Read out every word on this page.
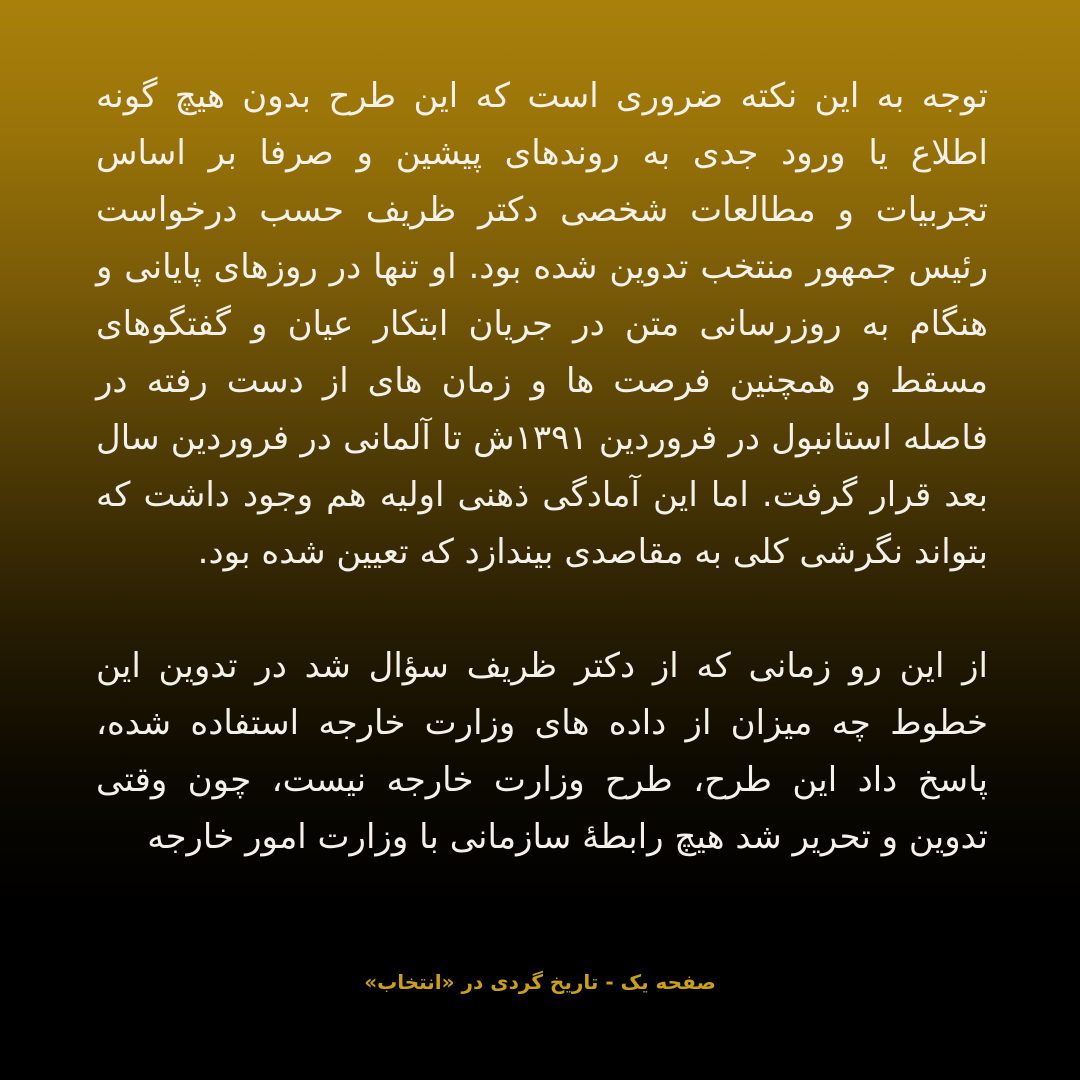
توجه به این نکته ضروری است که این طرح بدون هیچ گونه اطلاع یا ورود جدی به روندهای پیشین و صرفا بر اساس تجربیات و مطالعات شخصی دکتر ظریف حسب درخواست رئیس جمهور منتخب تدوین شده بود. او تنها در روزهای پایانی و هنگام به روزرسانی متن در جریان ابتکار عیان و گفتگوهای مسقط و همچنین فرصت ها و زمان های از دست رفته در فاصله استانبول در فروردین ۱۳۹۱ش تا آلمانی در فروردین سال بعد قرار گرفت. اما این آمادگی ذهنی اولیه هم وجود داشت که بتواند نگرشی کلی به مقاصدی بیندازد که تعیین شده بود.

از این رو زمانی که از دکتر ظریف سؤال شد در تدوین این خطوط چه میزان از داده های وزارت خارجه استفاده شده، پاسخ داد این طرح، طرح وزارت خارجه نیست، چون وقتی تدوین و تحریر شد هیچ رابطهٔ سازمانی با وزارت امور خارجه

صفحه یک - تاریخ گردی در «انتخاب»
